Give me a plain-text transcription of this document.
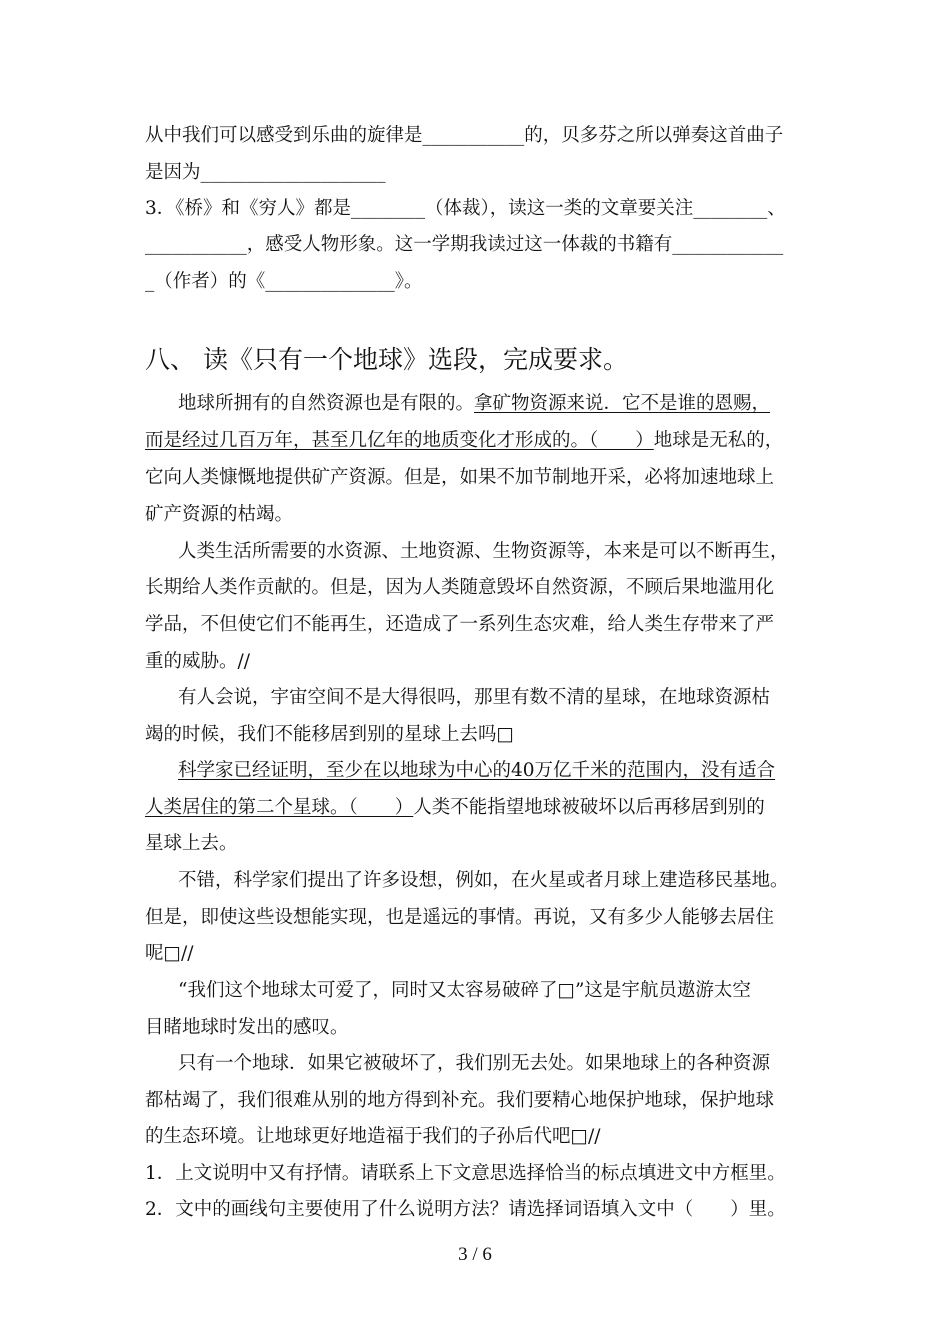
从中我们可以感受到乐曲的旋律是___________的，贝多芬之所以弹奏这首曲子
是因为____________________
3．《桥》和《穷人》都是________（体裁），读这一类的文章要关注________、
___________，感受人物形象。这一学期我读过这一体裁的书籍有____________
_（作者）的《______________》。
八、 读《只有一个地球》选段，完成要求。
地球所拥有的自然资源也是有限的。拿矿物资源来说．它不是谁的恩赐，
而是经过几百万年，甚至几亿年的地质变化才形成的。（　　）地球是无私的，
它向人类慷慨地提供矿产资源。但是，如果不加节制地开采，必将加速地球上
矿产资源的枯竭。
人类生活所需要的水资源、土地资源、生物资源等，本来是可以不断再生，
长期给人类作贡献的。但是，因为人类随意毁坏自然资源，不顾后果地滥用化
学品，不但使它们不能再生，还造成了一系列生态灾难，给人类生存带来了严
重的威胁。//
有人会说，宇宙空间不是大得很吗，那里有数不清的星球，在地球资源枯
竭的时候，我们不能移居到别的星球上去吗□
科学家已经证明，至少在以地球为中心的40万亿千米的范围内，没有适合
人类居住的第二个星球。（　　）人类不能指望地球被破坏以后再移居到别的
星球上去。
不错，科学家们提出了许多设想，例如，在火星或者月球上建造移民基地。
但是，即使这些设想能实现，也是遥远的事情。再说，又有多少人能够去居住
呢□//
“我们这个地球太可爱了，同时又太容易破碎了□”这是宇航员遨游太空
目睹地球时发出的感叹。
只有一个地球．如果它被破坏了，我们别无去处。如果地球上的各种资源
都枯竭了，我们很难从别的地方得到补充。我们要精心地保护地球，保护地球
的生态环境。让地球更好地造福于我们的子孙后代吧□//
1．上文说明中又有抒情。请联系上下文意思选择恰当的标点填进文中方框里。
2．文中的画线句主要使用了什么说明方法？请选择词语填入文中（　　）里。
3 / 6
